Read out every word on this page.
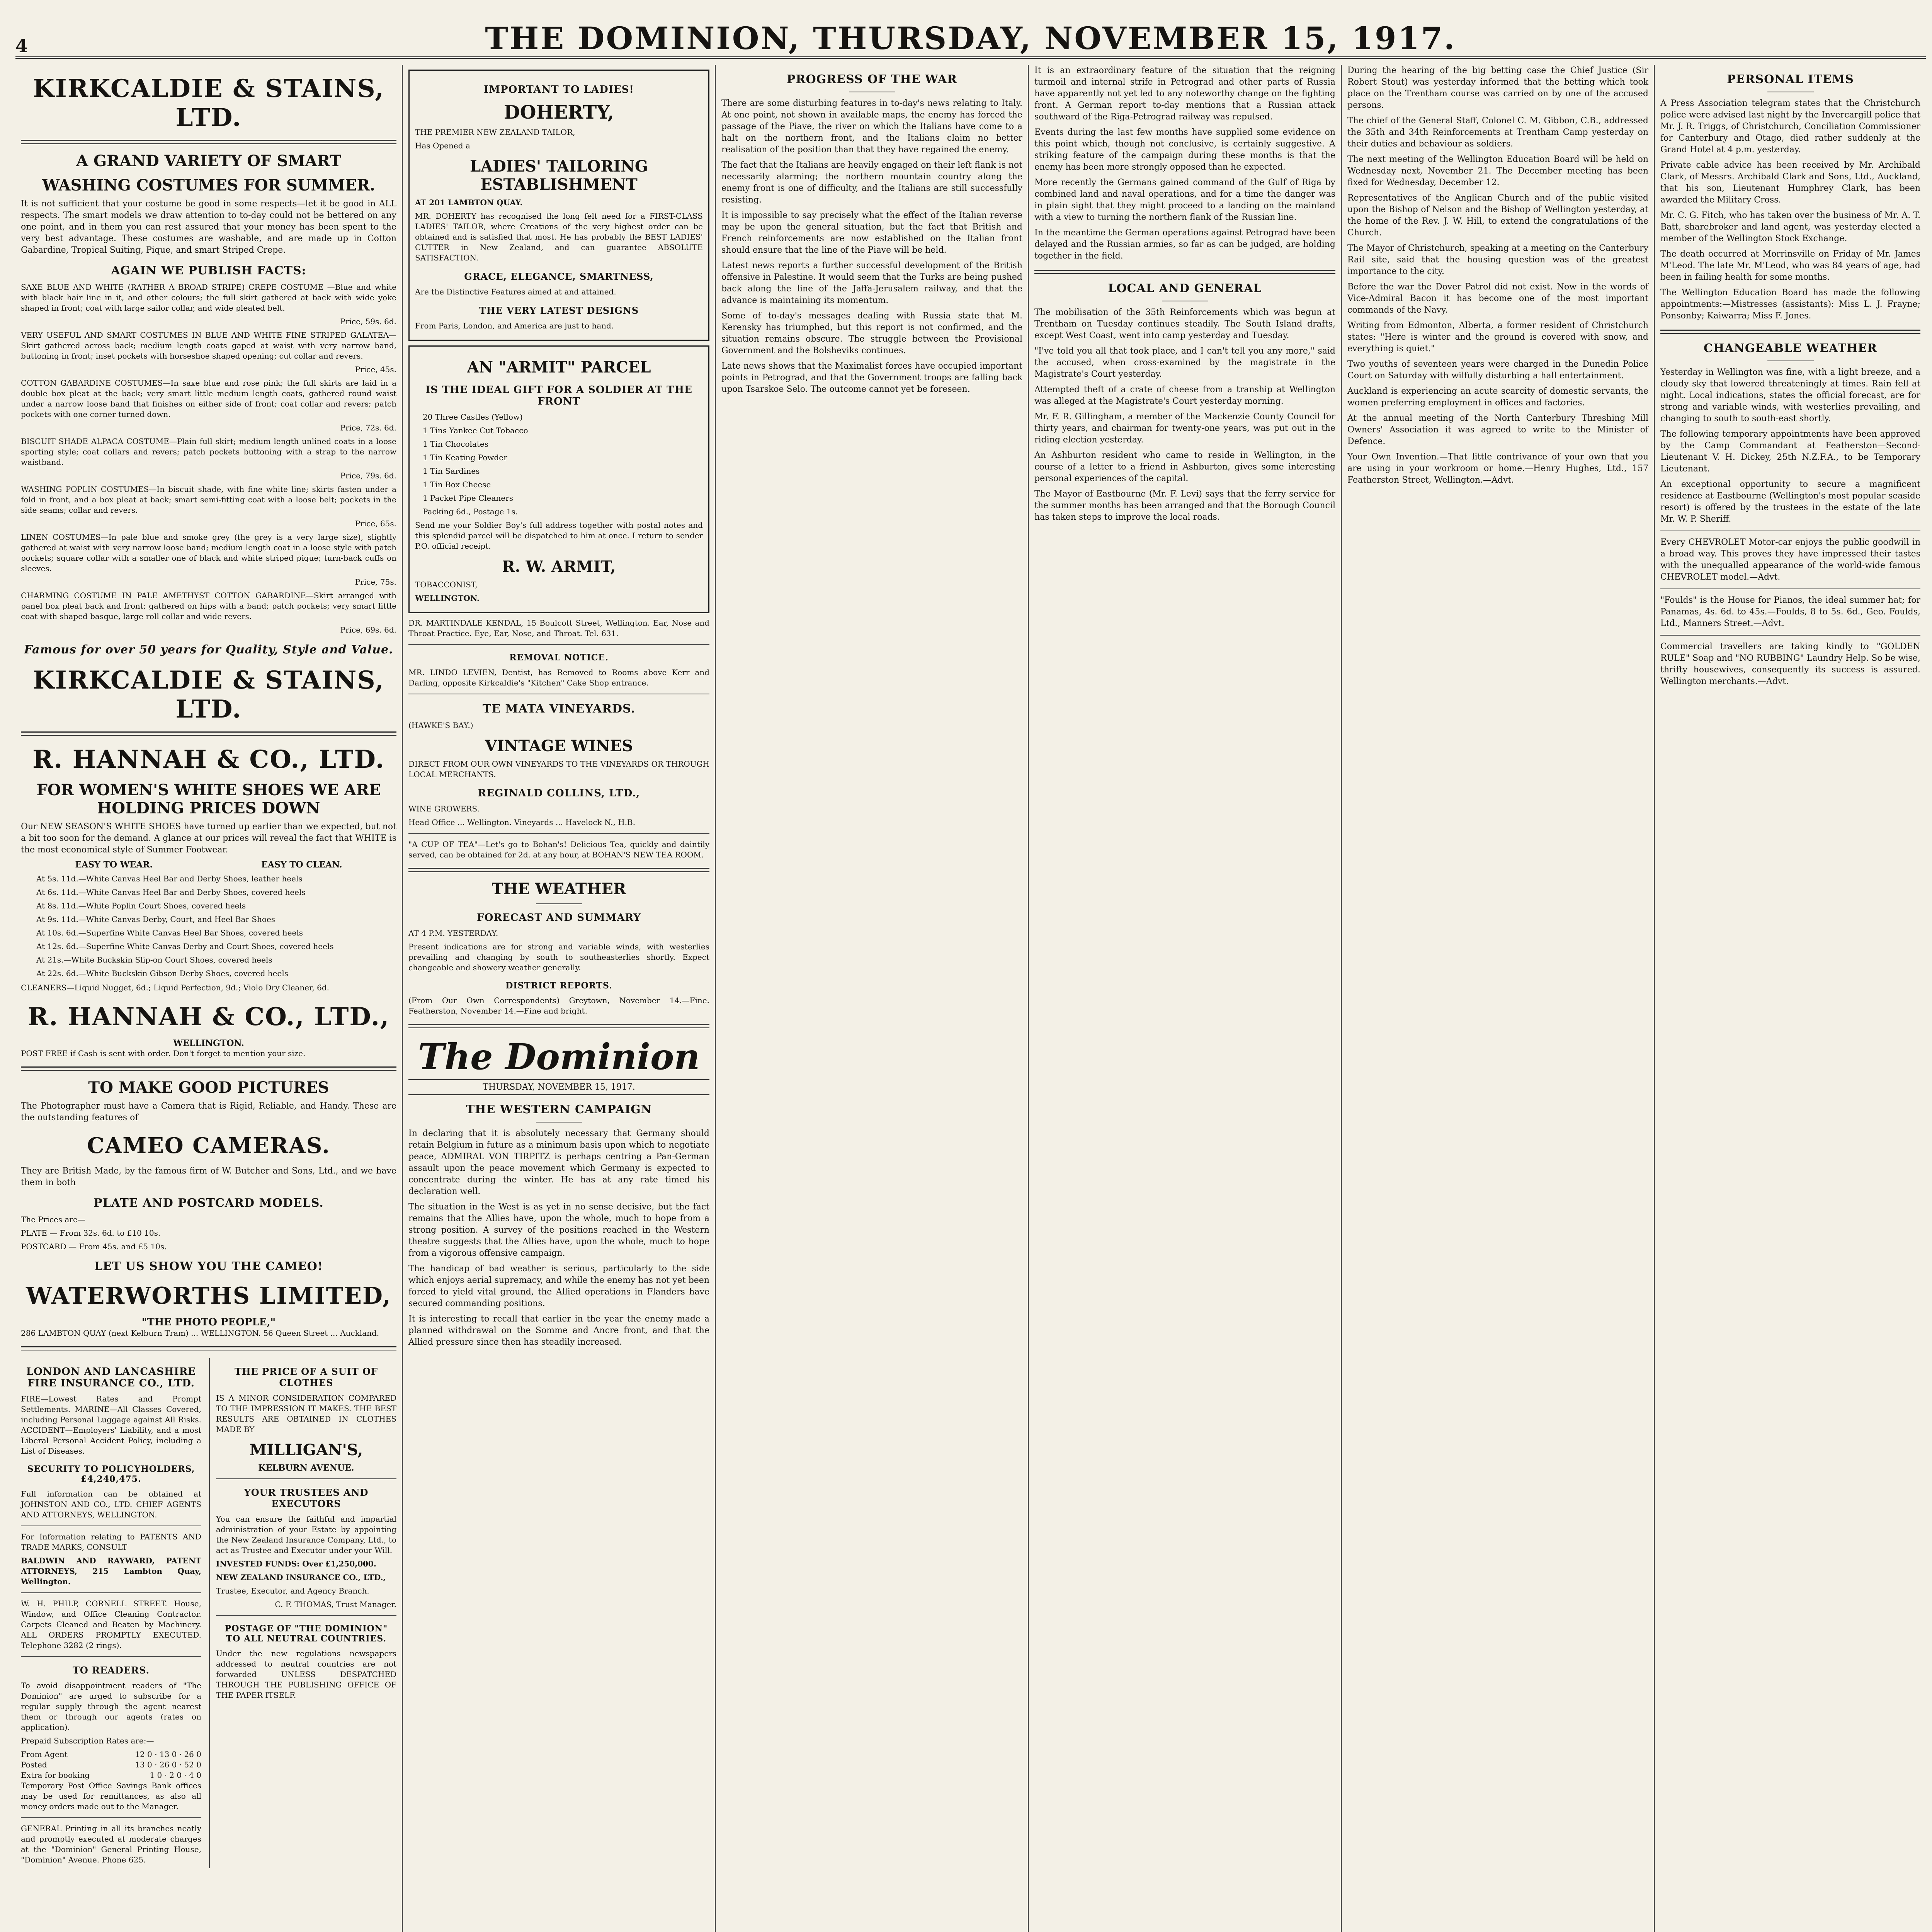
4	THE DOMINION, THURSDAY, NOVEMBER 15, 1917.
KIRKCALDIE & STAINS, LTD.
A GRAND VARIETY OF SMART
WASHING COSTUMES FOR SUMMER.

It is not sufficient that your costume be good in some respects—let it be good in ALL respects. The smart models we draw attention to to-day could not be bettered on any one point, and in them you can rest assured that your money has been spent to the very best advantage. These costumes are washable, and are made up in Cotton Gabardine, Tropical Suiting, Pique, and smart Striped Crepe.

AGAIN WE PUBLISH FACTS:

SAXE BLUE AND WHITE (RATHER A BROAD STRIPE) CREPE COSTUME —Blue and white with black hair line in it, and other colours; the full skirt gathered at back with wide yoke shaped in front; coat with large sailor collar, and wide pleated belt.

Price, 59s. 6d.

VERY USEFUL AND SMART COSTUMES IN BLUE AND WHITE FINE STRIPED GALATEA—Skirt gathered across back; medium length coats gaped at waist with very narrow band, buttoning in front; inset pockets with horseshoe shaped opening; cut collar and revers.

Price, 45s.

COTTON GABARDINE COSTUMES—In saxe blue and rose pink; the full skirts are laid in a double box pleat at the back; very smart little medium length coats, gathered round waist under a narrow loose band that finishes on either side of front; coat collar and revers; patch pockets with one corner turned down.

Price, 72s. 6d.

BISCUIT SHADE ALPACA COSTUME—Plain full skirt; medium length unlined coats in a loose sporting style; coat collars and revers; patch pockets buttoning with a strap to the narrow waistband.

Price, 79s. 6d.

WASHING POPLIN COSTUMES—In biscuit shade, with fine white line; skirts fasten under a fold in front, and a box pleat at back; smart semi-fitting coat with a loose belt; pockets in the side seams; collar and revers.

Price, 65s.

LINEN COSTUMES—In pale blue and smoke grey (the grey is a very large size), slightly gathered at waist with very narrow loose band; medium length coat in a loose style with patch pockets; square collar with a smaller one of black and white striped pique; turn-back cuffs on sleeves.

Price, 75s.

CHARMING COSTUME IN PALE AMETHYST COTTON GABARDINE—Skirt arranged with panel box pleat back and front; gathered on hips with a band; patch pockets; very smart little coat with shaped basque, large roll collar and wide revers.

Price, 69s. 6d.

Famous for over 50 years for Quality, Style and Value.
KIRKCALDIE & STAINS, LTD.
R. HANNAH & CO., LTD.
FOR WOMEN'S WHITE SHOES WE ARE HOLDING PRICES DOWN

Our NEW SEASON'S WHITE SHOES have turned up earlier than we expected, but not a bit too soon for the demand. A glance at our prices will reveal the fact that WHITE is the most economical style of Summer Footwear.

EASY TO WEAR.	EASY TO CLEAN.

At 5s. 11d.—White Canvas Heel Bar and Derby Shoes, leather heels

At 6s. 11d.—White Canvas Heel Bar and Derby Shoes, covered heels

At 8s. 11d.—White Poplin Court Shoes, covered heels

At 9s. 11d.—White Canvas Derby, Court, and Heel Bar Shoes

At 10s. 6d.—Superfine White Canvas Heel Bar Shoes, covered heels

At 12s. 6d.—Superfine White Canvas Derby and Court Shoes, covered heels

At 21s.—White Buckskin Slip-on Court Shoes, covered heels

At 22s. 6d.—White Buckskin Gibson Derby Shoes, covered heels

CLEANERS—Liquid Nugget, 6d.; Liquid Perfection, 9d.; Violo Dry Cleaner, 6d.

R. HANNAH & CO., LTD.,
WELLINGTON.

POST FREE if Cash is sent with order. Don't forget to mention your size.

TO MAKE GOOD PICTURES

The Photographer must have a Camera that is Rigid, Reliable, and Handy. These are the outstanding features of

CAMEO CAMERAS.

They are British Made, by the famous firm of W. Butcher and Sons, Ltd., and we have them in both

PLATE AND POSTCARD MODELS.

The Prices are—

PLATE — From 32s. 6d. to £10 10s.

POSTCARD — From 45s. and £5 10s.

LET US SHOW YOU THE CAMEO!
WATERWORTHS LIMITED,
"THE PHOTO PEOPLE,"

286 LAMBTON QUAY (next Kelburn Tram) ... WELLINGTON. 56 Queen Street ... Auckland.

LONDON AND LANCASHIRE FIRE INSURANCE CO., LTD.

FIRE—Lowest Rates and Prompt Settlements. MARINE—All Classes Covered, including Personal Luggage against All Risks. ACCIDENT—Employers' Liability, and a most Liberal Personal Accident Policy, including a List of Diseases.

SECURITY TO POLICYHOLDERS, £4,240,475.

Full information can be obtained at JOHNSTON AND CO., LTD. CHIEF AGENTS AND ATTORNEYS, WELLINGTON.

For Information relating to PATENTS AND TRADE MARKS, CONSULT

BALDWIN AND RAYWARD, PATENT ATTORNEYS, 215 Lambton Quay, Wellington.

W. H. PHILP, CORNELL STREET. House, Window, and Office Cleaning Contractor. Carpets Cleaned and Beaten by Machinery. ALL ORDERS PROMPTLY EXECUTED. Telephone 3282 (2 rings).

TO READERS.

To avoid disappointment readers of "The Dominion" are urged to subscribe for a regular supply through the agent nearest them or through our agents (rates on application).

Prepaid Subscription Rates are:—

From Agent	12 0 · 13 0 · 26 0
Posted	13 0 · 26 0 · 52 0
Extra for booking	1 0 · 2 0 · 4 0

Temporary Post Office Savings Bank offices may be used for remittances, as also all money orders made out to the Manager.

GENERAL Printing in all its branches neatly and promptly executed at moderate charges at the "Dominion" General Printing House, "Dominion" Avenue. Phone 625.

THE PRICE OF A SUIT OF CLOTHES

IS A MINOR CONSIDERATION COMPARED TO THE IMPRESSION IT MAKES. THE BEST RESULTS ARE OBTAINED IN CLOTHES MADE BY

MILLIGAN'S,
KELBURN AVENUE.
YOUR TRUSTEES AND EXECUTORS

You can ensure the faithful and impartial administration of your Estate by appointing the New Zealand Insurance Company, Ltd., to act as Trustee and Executor under your Will.

INVESTED FUNDS: Over £1,250,000.

NEW ZEALAND INSURANCE CO., LTD.,

Trustee, Executor, and Agency Branch.

C. F. THOMAS, Trust Manager.

POSTAGE OF "THE DOMINION" TO ALL NEUTRAL COUNTRIES.

Under the new regulations newspapers addressed to neutral countries are not forwarded UNLESS DESPATCHED THROUGH THE PUBLISHING OFFICE OF THE PAPER ITSELF.

IMPORTANT TO LADIES!
DOHERTY,

THE PREMIER NEW ZEALAND TAILOR,

Has Opened a

LADIES' TAILORING ESTABLISHMENT

AT 201 LAMBTON QUAY.

MR. DOHERTY has recognised the long felt need for a FIRST-CLASS LADIES' TAILOR, where Creations of the very highest order can be obtained and is satisfied that most. He has probably the BEST LADIES' CUTTER in New Zealand, and can guarantee ABSOLUTE SATISFACTION.

GRACE, ELEGANCE, SMARTNESS,

Are the Distinctive Features aimed at and attained.

THE VERY LATEST DESIGNS

From Paris, London, and America are just to hand.

AN "ARMIT" PARCEL
IS THE IDEAL GIFT FOR A SOLDIER AT THE FRONT

20 Three Castles (Yellow)

1 Tins Yankee Cut Tobacco

1 Tin Chocolates

1 Tin Keating Powder

1 Tin Sardines

1 Tin Box Cheese

1 Packet Pipe Cleaners

Packing 6d., Postage 1s.

Send me your Soldier Boy's full address together with postal notes and this splendid parcel will be dispatched to him at once. I return to sender P.O. official receipt.

R. W. ARMIT,

TOBACCONIST,

WELLINGTON.

DR. MARTINDALE KENDAL, 15 Boulcott Street, Wellington. Ear, Nose and Throat Practice. Eye, Ear, Nose, and Throat. Tel. 631.

REMOVAL NOTICE.

MR. LINDO LEVIEN, Dentist, has Removed to Rooms above Kerr and Darling, opposite Kirkcaldie's "Kitchen" Cake Shop entrance.

TE MATA VINEYARDS.

(HAWKE'S BAY.)

VINTAGE WINES

DIRECT FROM OUR OWN VINEYARDS TO THE VINEYARDS OR THROUGH LOCAL MERCHANTS.

REGINALD COLLINS, LTD.,

WINE GROWERS.

Head Office ... Wellington. Vineyards ... Havelock N., H.B.

"A CUP OF TEA"—Let's go to Bohan's! Delicious Tea, quickly and daintily served, can be obtained for 2d. at any hour, at BOHAN'S NEW TEA ROOM.

THE WEATHER
FORECAST AND SUMMARY

AT 4 P.M. YESTERDAY.

Present indications are for strong and variable winds, with westerlies prevailing and changing by south to southeasterlies shortly. Expect changeable and showery weather generally.

DISTRICT REPORTS.

(From Our Own Correspondents) Greytown, November 14.—Fine. Featherston, November 14.—Fine and bright.

The Dominion
THURSDAY, NOVEMBER 15, 1917.
THE WESTERN CAMPAIGN

In declaring that it is absolutely necessary that Germany should retain Belgium in future as a minimum basis upon which to negotiate peace, ADMIRAL VON TIRPITZ is perhaps centring a Pan-German assault upon the peace movement which Germany is expected to concentrate during the winter. He has at any rate timed his declaration well.

The situation in the West is as yet in no sense decisive, but the fact remains that the Allies have, upon the whole, much to hope from a strong position. A survey of the positions reached in the Western theatre suggests that the Allies have, upon the whole, much to hope from a vigorous offensive campaign.

The handicap of bad weather is serious, particularly to the side which enjoys aerial supremacy, and while the enemy has not yet been forced to yield vital ground, the Allied operations in Flanders have secured commanding positions.

It is interesting to recall that earlier in the year the enemy made a planned withdrawal on the Somme and Ancre front, and that the Allied pressure since then has steadily increased.

PROGRESS OF THE WAR

There are some disturbing features in to-day's news relating to Italy. At one point, not shown in available maps, the enemy has forced the passage of the Piave, the river on which the Italians have come to a halt on the northern front, and the Italians claim no better realisation of the position than that they have regained the enemy.

The fact that the Italians are heavily engaged on their left flank is not necessarily alarming; the northern mountain country along the enemy front is one of difficulty, and the Italians are still successfully resisting.

It is impossible to say precisely what the effect of the Italian reverse may be upon the general situation, but the fact that British and French reinforcements are now established on the Italian front should ensure that the line of the Piave will be held.

Latest news reports a further successful development of the British offensive in Palestine. It would seem that the Turks are being pushed back along the line of the Jaffa-Jerusalem railway, and that the advance is maintaining its momentum.

Some of to-day's messages dealing with Russia state that M. Kerensky has triumphed, but this report is not confirmed, and the situation remains obscure. The struggle between the Provisional Government and the Bolsheviks continues.

Late news shows that the Maximalist forces have occupied important points in Petrograd, and that the Government troops are falling back upon Tsarskoe Selo. The outcome cannot yet be foreseen.

It is an extraordinary feature of the situation that the reigning turmoil and internal strife in Petrograd and other parts of Russia have apparently not yet led to any noteworthy change on the fighting front. A German report to-day mentions that a Russian attack southward of the Riga-Petrograd railway was repulsed.

Events during the last few months have supplied some evidence on this point which, though not conclusive, is certainly suggestive. A striking feature of the campaign during these months is that the enemy has been more strongly opposed than he expected.

More recently the Germans gained command of the Gulf of Riga by combined land and naval operations, and for a time the danger was in plain sight that they might proceed to a landing on the mainland with a view to turning the northern flank of the Russian line.

In the meantime the German operations against Petrograd have been delayed and the Russian armies, so far as can be judged, are holding together in the field.

LOCAL AND GENERAL

The mobilisation of the 35th Reinforcements which was begun at Trentham on Tuesday continues steadily. The South Island drafts, except West Coast, went into camp yesterday and Tuesday.

"I've told you all that took place, and I can't tell you any more," said the accused, when cross-examined by the magistrate in the Magistrate's Court yesterday.

Attempted theft of a crate of cheese from a tranship at Wellington was alleged at the Magistrate's Court yesterday morning.

Mr. F. R. Gillingham, a member of the Mackenzie County Council for thirty years, and chairman for twenty-one years, was put out in the riding election yesterday.

An Ashburton resident who came to reside in Wellington, in the course of a letter to a friend in Ashburton, gives some interesting personal experiences of the capital.

The Mayor of Eastbourne (Mr. F. Levi) says that the ferry service for the summer months has been arranged and that the Borough Council has taken steps to improve the local roads.

During the hearing of the big betting case the Chief Justice (Sir Robert Stout) was yesterday informed that the betting which took place on the Trentham course was carried on by one of the accused persons.

The chief of the General Staff, Colonel C. M. Gibbon, C.B., addressed the 35th and 34th Reinforcements at Trentham Camp yesterday on their duties and behaviour as soldiers.

The next meeting of the Wellington Education Board will be held on Wednesday next, November 21. The December meeting has been fixed for Wednesday, December 12.

Representatives of the Anglican Church and of the public visited upon the Bishop of Nelson and the Bishop of Wellington yesterday, at the home of the Rev. J. W. Hill, to extend the congratulations of the Church.

The Mayor of Christchurch, speaking at a meeting on the Canterbury Rail site, said that the housing question was of the greatest importance to the city.

Before the war the Dover Patrol did not exist. Now in the words of Vice-Admiral Bacon it has become one of the most important commands of the Navy.

Writing from Edmonton, Alberta, a former resident of Christchurch states: "Here is winter and the ground is covered with snow, and everything is quiet."

Two youths of seventeen years were charged in the Dunedin Police Court on Saturday with wilfully disturbing a hall entertainment.

Auckland is experiencing an acute scarcity of domestic servants, the women preferring employment in offices and factories.

At the annual meeting of the North Canterbury Threshing Mill Owners' Association it was agreed to write to the Minister of Defence.

Your Own Invention.—That little contrivance of your own that you are using in your workroom or home.—Henry Hughes, Ltd., 157 Featherston Street, Wellington.—Advt.

PERSONAL ITEMS

A Press Association telegram states that the Christchurch police were advised last night by the Invercargill police that Mr. J. R. Triggs, of Christchurch, Conciliation Commissioner for Canterbury and Otago, died rather suddenly at the Grand Hotel at 4 p.m. yesterday.

Private cable advice has been received by Mr. Archibald Clark, of Messrs. Archibald Clark and Sons, Ltd., Auckland, that his son, Lieutenant Humphrey Clark, has been awarded the Military Cross.

Mr. C. G. Fitch, who has taken over the business of Mr. A. T. Batt, sharebroker and land agent, was yesterday elected a member of the Wellington Stock Exchange.

The death occurred at Morrinsville on Friday of Mr. James M'Leod. The late Mr. M'Leod, who was 84 years of age, had been in failing health for some months.

The Wellington Education Board has made the following appointments:—Mistresses (assistants): Miss L. J. Frayne; Ponsonby; Kaiwarra; Miss F. Jones.

CHANGEABLE WEATHER

Yesterday in Wellington was fine, with a light breeze, and a cloudy sky that lowered threateningly at times. Rain fell at night. Local indications, states the official forecast, are for strong and variable winds, with westerlies prevailing, and changing to south to south-east shortly.

The following temporary appointments have been approved by the Camp Commandant at Featherston—Second-Lieutenant V. H. Dickey, 25th N.Z.F.A., to be Temporary Lieutenant.

An exceptional opportunity to secure a magnificent residence at Eastbourne (Wellington's most popular seaside resort) is offered by the trustees in the estate of the late Mr. W. P. Sheriff.

Every CHEVROLET Motor-car enjoys the public goodwill in a broad way. This proves they have impressed their tastes with the unequalled appearance of the world-wide famous CHEVROLET model.—Advt.

"Foulds" is the House for Pianos, the ideal summer hat; for Panamas, 4s. 6d. to 45s.—Foulds, 8 to 5s. 6d., Geo. Foulds, Ltd., Manners Street.—Advt.

Commercial travellers are taking kindly to "GOLDEN RULE" Soap and "NO RUBBING" Laundry Help. So be wise, thrifty housewives, consequently its success is assured. Wellington merchants.—Advt.
